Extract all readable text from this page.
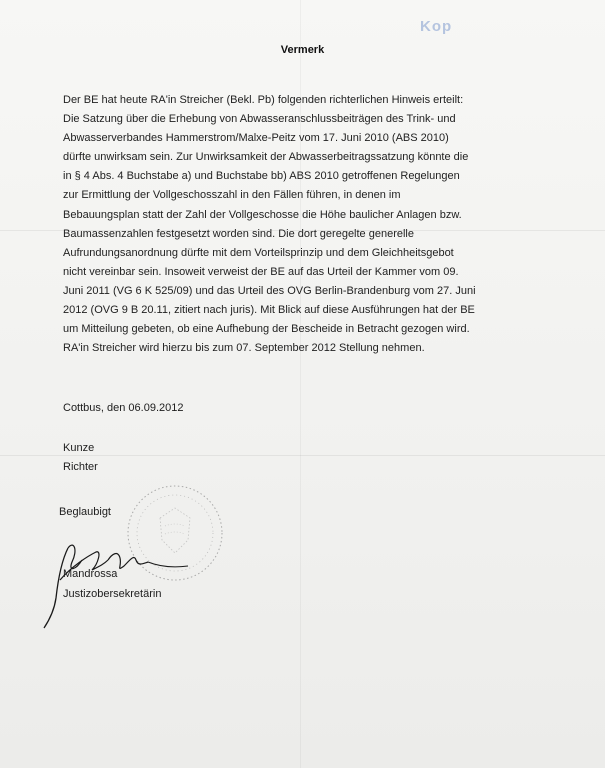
Kop
Vermerk
Der BE hat heute RA'in Streicher (Bekl. Pb) folgenden richterlichen Hinweis erteilt:
Die Satzung über die Erhebung von Abwasseranschlussbeiträgen des Trink- und
Abwasserverbandes Hammerstrom/Malxe-Peitz vom 17. Juni 2010 (ABS 2010)
dürfte unwirksam sein. Zur Unwirksamkeit der Abwasserbeitragssatzung könnte die
in § 4 Abs. 4 Buchstabe a) und Buchstabe bb) ABS 2010 getroffenen Regelungen
zur Ermittlung der Vollgeschosszahl in den Fällen führen, in denen im
Bebauungsplan statt der Zahl der Vollgeschosse die Höhe baulicher Anlagen bzw.
Baumassenzahlen festgesetzt worden sind. Die dort geregelte generelle
Aufrundungsanordnung dürfte mit dem Vorteilsprinzip und dem Gleichheitsgebot
nicht vereinbar sein. Insoweit verweist der BE auf das Urteil der Kammer vom 09.
Juni 2011 (VG 6 K 525/09) und das Urteil des OVG Berlin-Brandenburg vom 27. Juni
2012 (OVG 9 B 20.11, zitiert nach juris). Mit Blick auf diese Ausführungen hat der BE
um Mitteilung gebeten, ob eine Aufhebung der Bescheide in Betracht gezogen wird.
RA'in Streicher wird hierzu bis zum 07. September 2012 Stellung nehmen.
Cottbus, den 06.09.2012
Kunze
Richter
Beglaubigt
Mandrossa
Justizobersekretärin
